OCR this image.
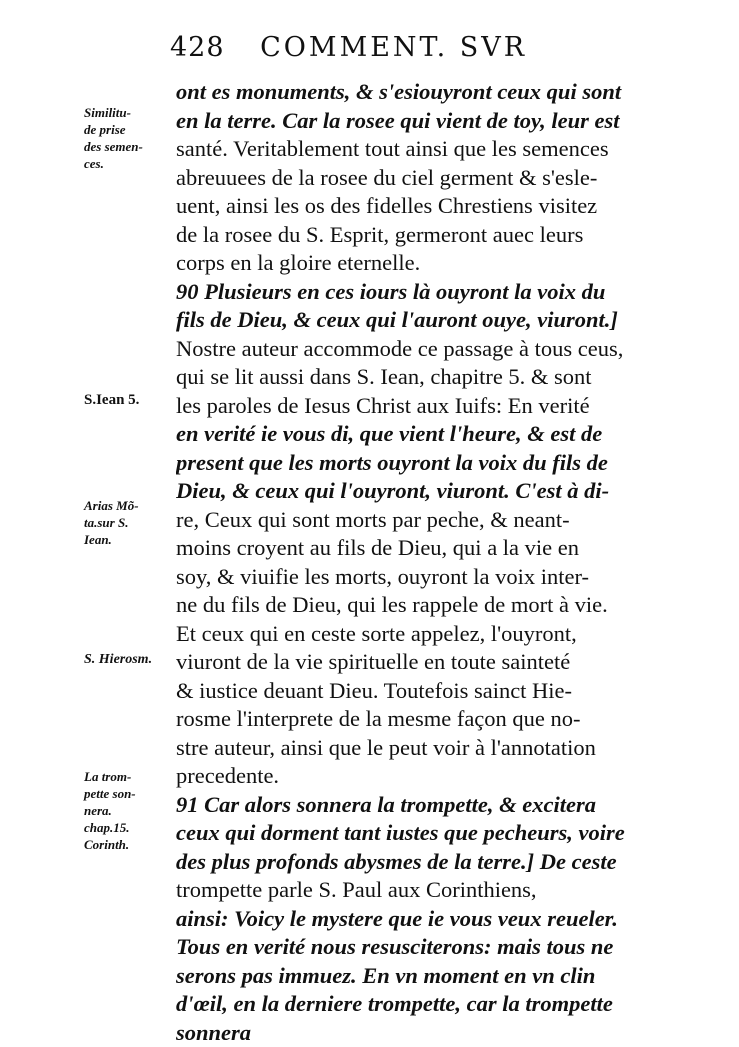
428 COMMENT. SVR
Similitu-
de prise
des semen-
ces.
S.Iean 5.
Arias Mõ-
ta.sur S.
Iean.
S. Hierosm.
La trom-
pette son-
nera.
chap.15.
Corinth.
ont es monuments, & s'esiouyront ceux qui sont
en la terre. Car la rosee qui vient de toy, leur est
santé. Veritablement tout ainsi que les semences
abreuuees de la rosee du ciel germent & s'esle-
uent, ainsi les os des fidelles Chrestiens visitez
de la rosee du S. Esprit, germeront auec leurs
corps en la gloire eternelle.
90 Plusieurs en ces iours là ouyront la voix du
fils de Dieu, & ceux qui l'auront ouye, viuront.]
Nostre auteur accommode ce passage à tous ceus,
qui se lit aussi dans S. Iean, chapitre 5. & sont
les paroles de Iesus Christ aux Iuifs: En verité
en verité ie vous di, que vient l'heure, & est de
present que les morts ouyront la voix du fils de
Dieu, & ceux qui l'ouyront, viuront. C'est à di-
re, Ceux qui sont morts par peche, & neant-
moins croyent au fils de Dieu, qui a la vie en
soy, & viuifie les morts, ouyront la voix inter-
ne du fils de Dieu, qui les rappele de mort à vie.
Et ceux qui en ceste sorte appelez, l'ouyront,
viuront de la vie spirituelle en toute sainteté
& iustice deuant Dieu. Toutefois sainct Hie-
rosme l'interprete de la mesme façon que no-
stre auteur, ainsi que le peut voir à l'annotation
precedente.
91 Car alors sonnera la trompette, & excitera
ceux qui dorment tant iustes que pecheurs, voire
des plus profonds abysmes de la terre.] De ceste
trompette parle S. Paul aux Corinthiens,
ainsi: Voicy le mystere que ie vous veux reueler.
Tous en verité nous resusciterons: mais tous ne
serons pas immuez. En vn moment en vn clin
d'œil, en la derniere trompette, car la trompette
sonnera
